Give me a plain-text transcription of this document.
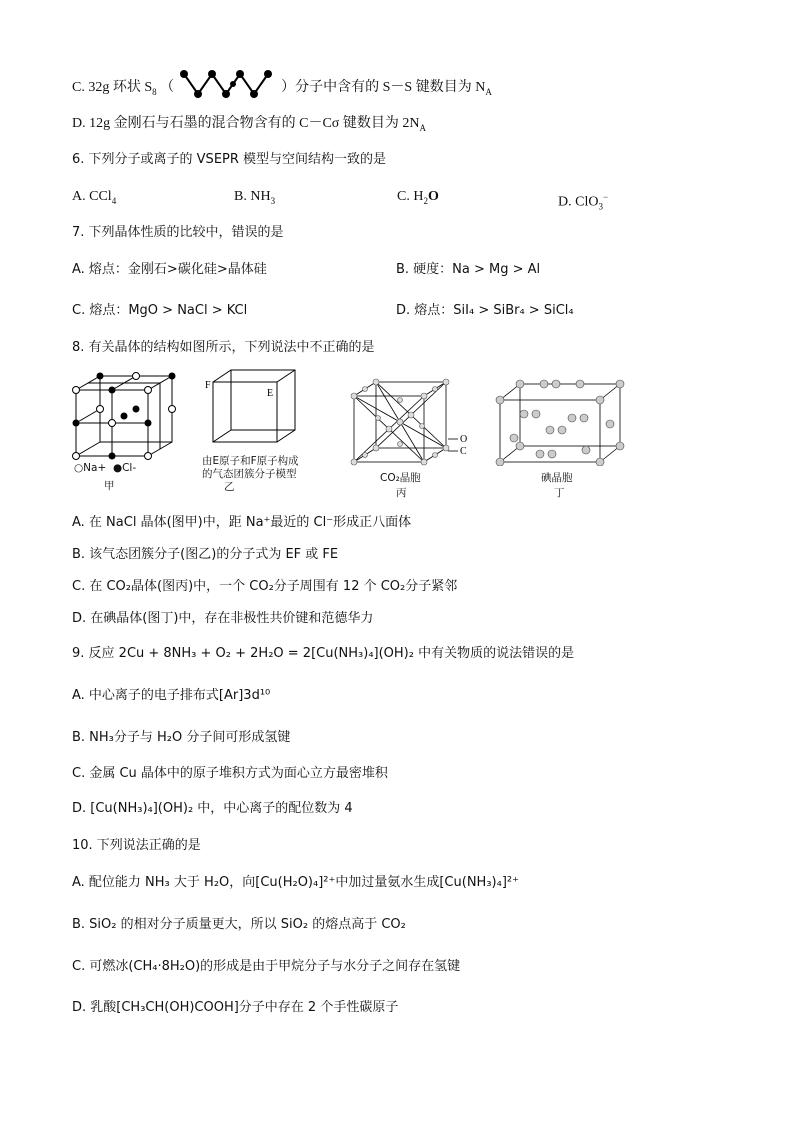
C. 32g 环状 $S_8$ （	）分子中含有的 S－S 键数目为 $N_A$
D. 12g 金刚石与石墨的混合物含有的 C－Cσ 键数目为 $2N_A$
6. 下列分子或离子的 VSEPR 模型与空间结构一致的是
A. CCl$_4$	B. $NH_3$	C. $H_2O$	D. ClO$_3$−
7. 下列晶体性质的比较中，错误的是
A. 熔点：金刚石>碳化硅>晶体硅	B. 硬度：Na > Mg > Al
C. 熔点：MgO > NaCl > KCl	D. 熔点：SiI₄ > SiBr₄ > SiCl₄
8. 有关晶体的结构如图所示，下列说法中不正确的是
○Na+ ●Cl-
甲
F
E
由E原子和F原子构成
的气态团簇分子模型
乙
O
C
CO₂晶胞
丙
碘晶胞
丁
A. 在 NaCl 晶体(图甲)中，距 Na⁺最近的 Cl⁻形成正八面体
B. 该气态团簇分子(图乙)的分子式为 EF 或 FE
C. 在 CO₂晶体(图丙)中，一个 CO₂分子周围有 12 个 CO₂分子紧邻
D. 在碘晶体(图丁)中，存在非极性共价键和范德华力
9. 反应 2Cu + 8NH₃ + O₂ + 2H₂O = 2[Cu(NH₃)₄](OH)₂ 中有关物质的说法错误的是
A. 中心离子的电子排布式[Ar]3d¹⁰
B. NH₃分子与 H₂O 分子间可形成氢键
C. 金属 Cu 晶体中的原子堆积方式为面心立方最密堆积
D. [Cu(NH₃)₄](OH)₂ 中，中心离子的配位数为 4
10. 下列说法正确的是
A. 配位能力 NH₃ 大于 H₂O，向[Cu(H₂O)₄]²⁺中加过量氨水生成[Cu(NH₃)₄]²⁺
B. SiO₂ 的相对分子质量更大，所以 SiO₂ 的熔点高于 CO₂
C. 可燃冰(CH₄·8H₂O)的形成是由于甲烷分子与水分子之间存在氢键
D. 乳酸[CH₃CH(OH)COOH]分子中存在 2 个手性碳原子
